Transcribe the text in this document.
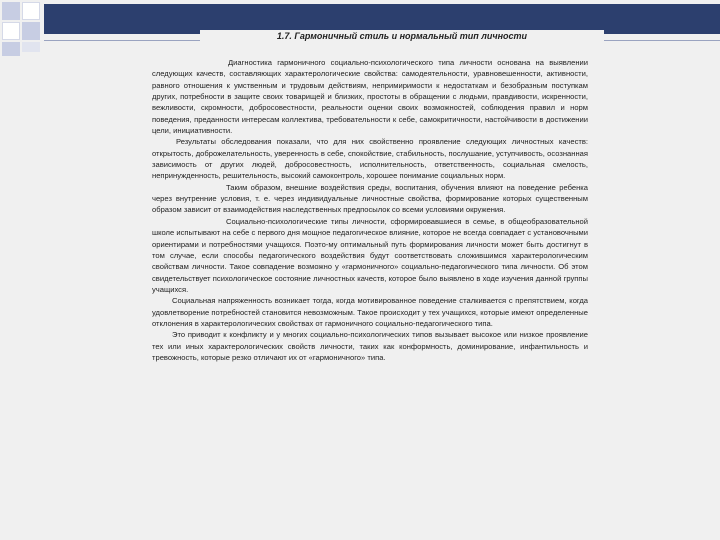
1.7. Гармоничный стиль и нормальный тип личности

Диагностика гармоничного социально-психологического типа личности основана на выявлении следующих качеств, составляющих характерологические свойства: самодеятельности, уравновешенности, активности, равного отношения к умственным и трудовым действиям, непримиримости к недостаткам и безобразным поступкам других, потребности в защите своих товарищей и близких, простоты в обращении с людьми, правдивости, искренности, вежливости, скромности, добросовестности, реальности оценки своих возможностей, соблюдения правил и норм поведения, преданности интересам коллектива, требовательности к себе, самокритичности, настойчивости в достижении цели, инициативности.

Результаты обследования показали, что для них свойственно проявление следующих личностных качеств: открытость, доброжелательность, уверенность в себе, спокойствие, стабильность, послушание, уступчивость, осознанная зависимость от других людей, добросовестность, исполнительность, ответственность, социальная смелость, непринужденность, решительность, высокий самоконтроль, хорошее понимание социальных норм.

Таким образом, внешние воздействия среды, воспитания, обучения влияют на поведение ребенка через внутренние условия, т. е. через индивидуальные личностные свойства, формирование которых существенным образом зависит от взаимодействия наследственных предпосылок со всеми условиями окружения.

Социально-психологические типы личности, сформировавшиеся в семье, в общеобразовательной школе испытывают на себе с первого дня мощное педагогическое влияние, которое не всегда совпадает с установочными ориентирами и потребностями учащихся. Поэто-му оптимальный путь формирования личности может быть достигнут в том случае, если способы педагогического воздействия будут соответствовать сложившимся характерологическим свойствам личности. Такое совпадение возможно у «гармоничного» социально-педагогического типа личности. Об этом свидетельствует психологическое состояние личностных качеств, которое было выявлено в ходе изучения данной группы учащихся.

Социальная напряженность возникает тогда, когда мотивированное поведение сталкивается с препятствием, когда удовлетворение потребностей становится невозможным. Такое происходит у тех учащихся, которые имеют определенные отклонения в характерологических свойствах от гармоничного социально-педагогического типа.

Это приводит к конфликту и у многих социально-психологических типов вызывает высокое или низкое проявление тех или иных характерологических свойств личности, таких как конформность, доминирование, инфантильность и тревожность, которые резко отличают их от «гармоничного» типа.
